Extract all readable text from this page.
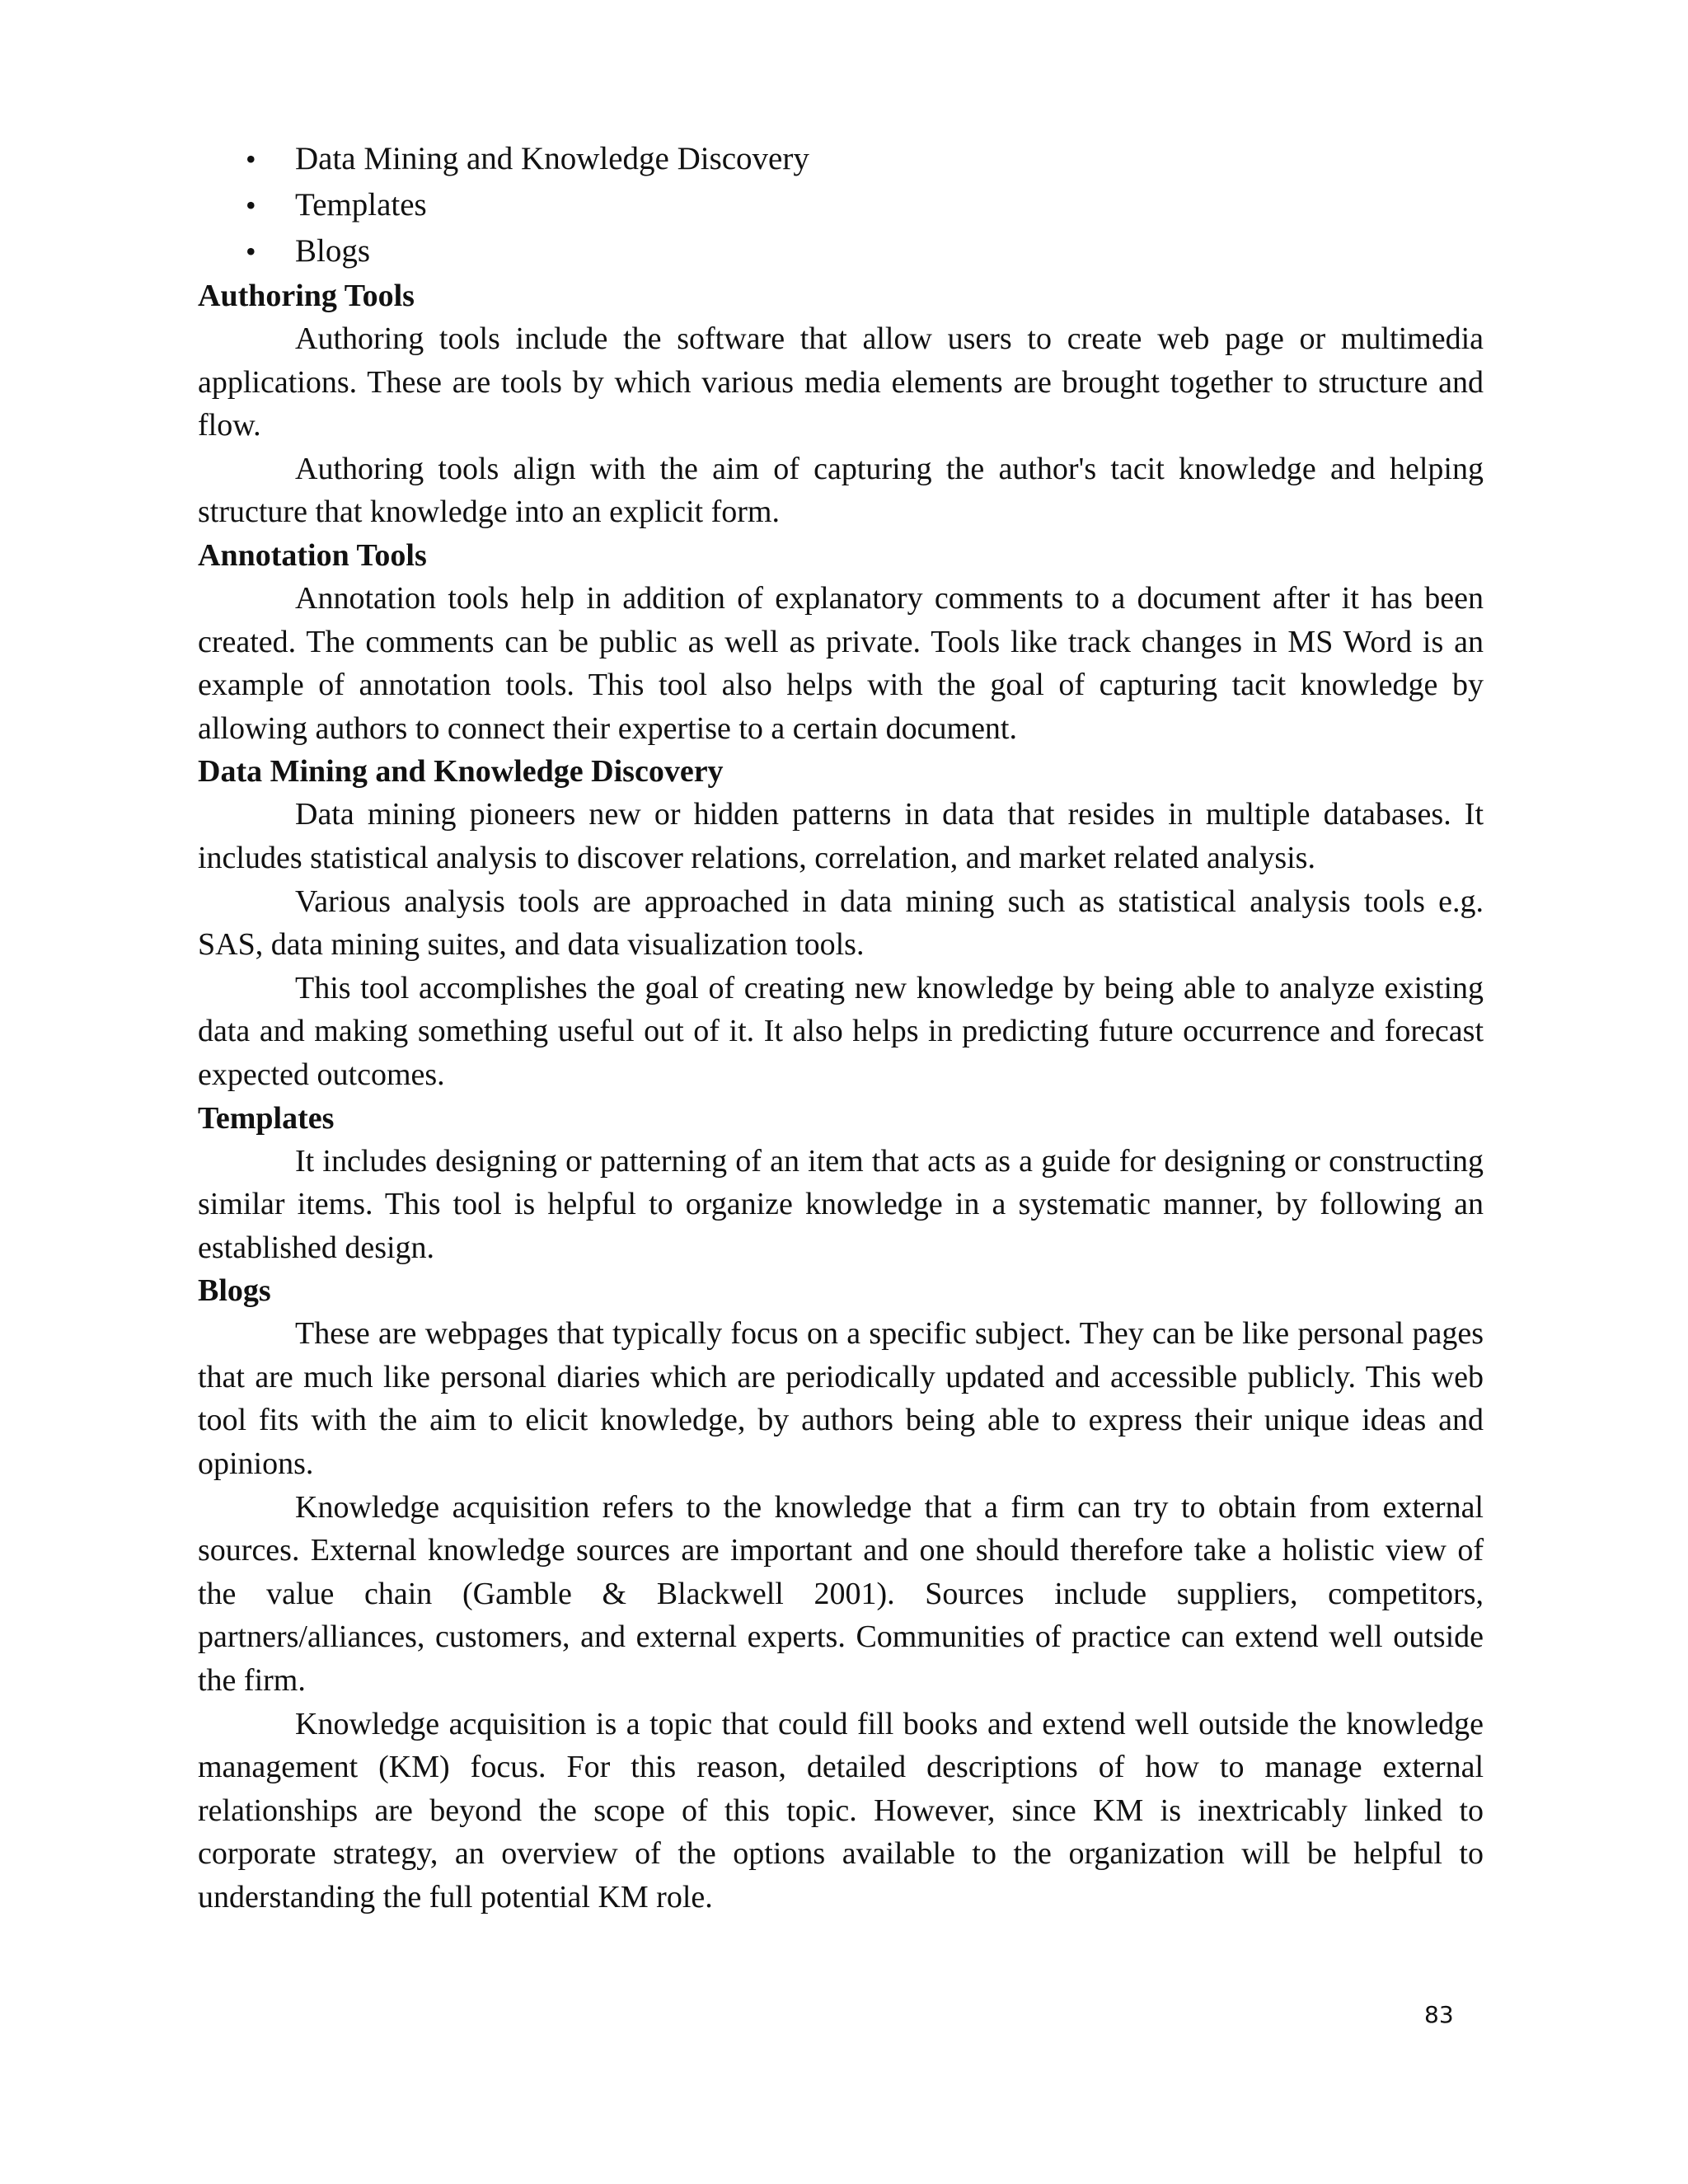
• Data Mining and Knowledge Discovery
• Templates
• Blogs
Authoring Tools

Authoring tools include the software that allow users to create web page or multimedia applications. These are tools by which various media elements are brought together to structure and flow.

Authoring tools align with the aim of capturing the author's tacit knowledge and helping structure that knowledge into an explicit form.

Annotation Tools

Annotation tools help in addition of explanatory comments to a document after it has been created. The comments can be public as well as private. Tools like track changes in MS Word is an example of annotation tools. This tool also helps with the goal of capturing tacit knowledge by allowing authors to connect their expertise to a certain document.

Data Mining and Knowledge Discovery

Data mining pioneers new or hidden patterns in data that resides in multiple databases. It includes statistical analysis to discover relations, correlation, and market related analysis.

Various analysis tools are approached in data mining such as statistical analysis tools e.g. SAS, data mining suites, and data visualization tools.

This tool accomplishes the goal of creating new knowledge by being able to analyze existing data and making something useful out of it. It also helps in predicting future occurrence and forecast expected outcomes.

Templates

It includes designing or patterning of an item that acts as a guide for designing or constructing similar items. This tool is helpful to organize knowledge in a systematic manner, by following an established design.

Blogs

These are webpages that typically focus on a specific subject. They can be like personal pages that are much like personal diaries which are periodically updated and accessible publicly. This web tool fits with the aim to elicit knowledge, by authors being able to express their unique ideas and opinions.

Knowledge acquisition refers to the knowledge that a firm can try to obtain from external sources. External knowledge sources are important and one should therefore take a holistic view of the value chain (Gamble & Blackwell 2001). Sources include suppliers, competitors, partners/alliances, customers, and external experts. Communities of practice can extend well outside the firm.

Knowledge acquisition is a topic that could fill books and extend well outside the knowledge management (KM) focus. For this reason, detailed descriptions of how to manage external relationships are beyond the scope of this topic. However, since KM is inextricably linked to corporate strategy, an overview of the options available to the organization will be helpful to understanding the full potential KM role.

83
